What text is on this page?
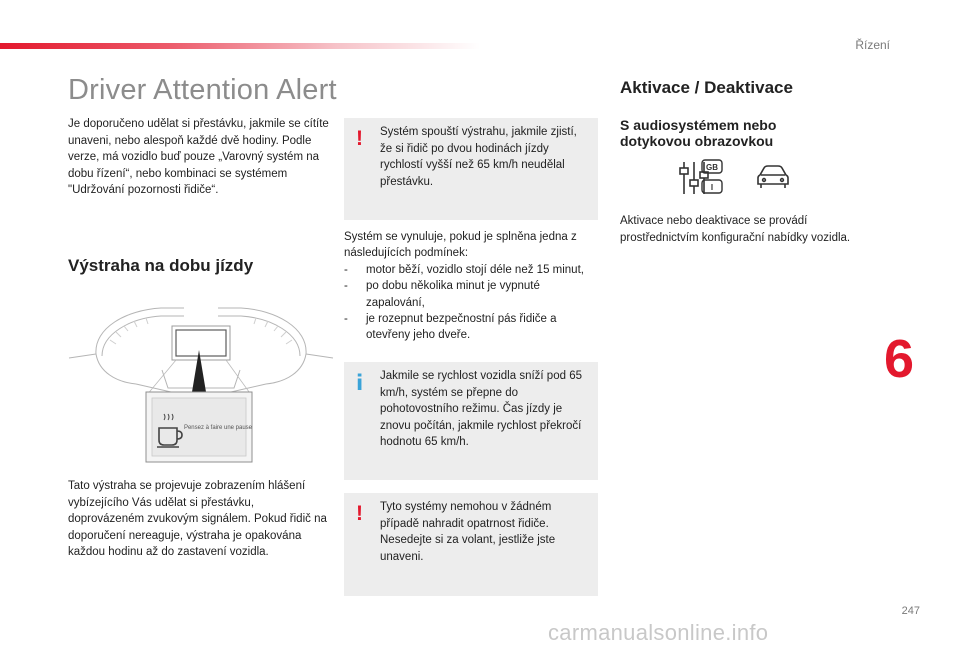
Řízení
Driver Attention Alert

Je doporučeno udělat si přestávku, jakmile se cítíte unaveni, nebo alespoň každé dvě hodiny. Podle verze, má vozidlo buď pouze „Varovný systém na dobu řízení“, nebo kombinaci se systémem "Udržování pozornosti řidiče“.

Výstraha na dobu jízdy
Pensez à faire une pause

Tato výstraha se projevuje zobrazením hlášení vybízejícího Vás udělat si přestávku, doprovázeném zvukovým signálem. Pokud řidič na doporučení nereaguje, výstraha je opakována každou hodinu až do zastavení vozidla.

! Systém spouští výstrahu, jakmile zjistí, že si řidič po dvou hodinách jízdy rychlostí vyšší než 65 km/h neudělal přestávku.

Systém se vynuluje, pokud je splněna jedna z následujících podmínek:

- motor běží, vozidlo stojí déle než 15 minut,
- po dobu několika minut je vypnuté zapalování,
- je rozepnut bezpečnostní pás řidiče a otevřeny jeho dveře.
i Jakmile se rychlost vozidla sníží pod 65 km/h, systém se přepne do pohotovostního režimu. Čas jízdy je znovu počítán, jakmile rychlost překročí hodnotu 65 km/h.

! Tyto systémy nemohou v žádném případě nahradit opatrnost řidiče. Nesedejte si za volant, jestliže jste unaveni.

Aktivace / Deaktivace
S audiosystémem nebo dotykovou obrazovkou
GB
I

Aktivace nebo deaktivace se provádí prostřednictvím konfigurační nabídky vozidla.

6
247
carmanualsonline.info
